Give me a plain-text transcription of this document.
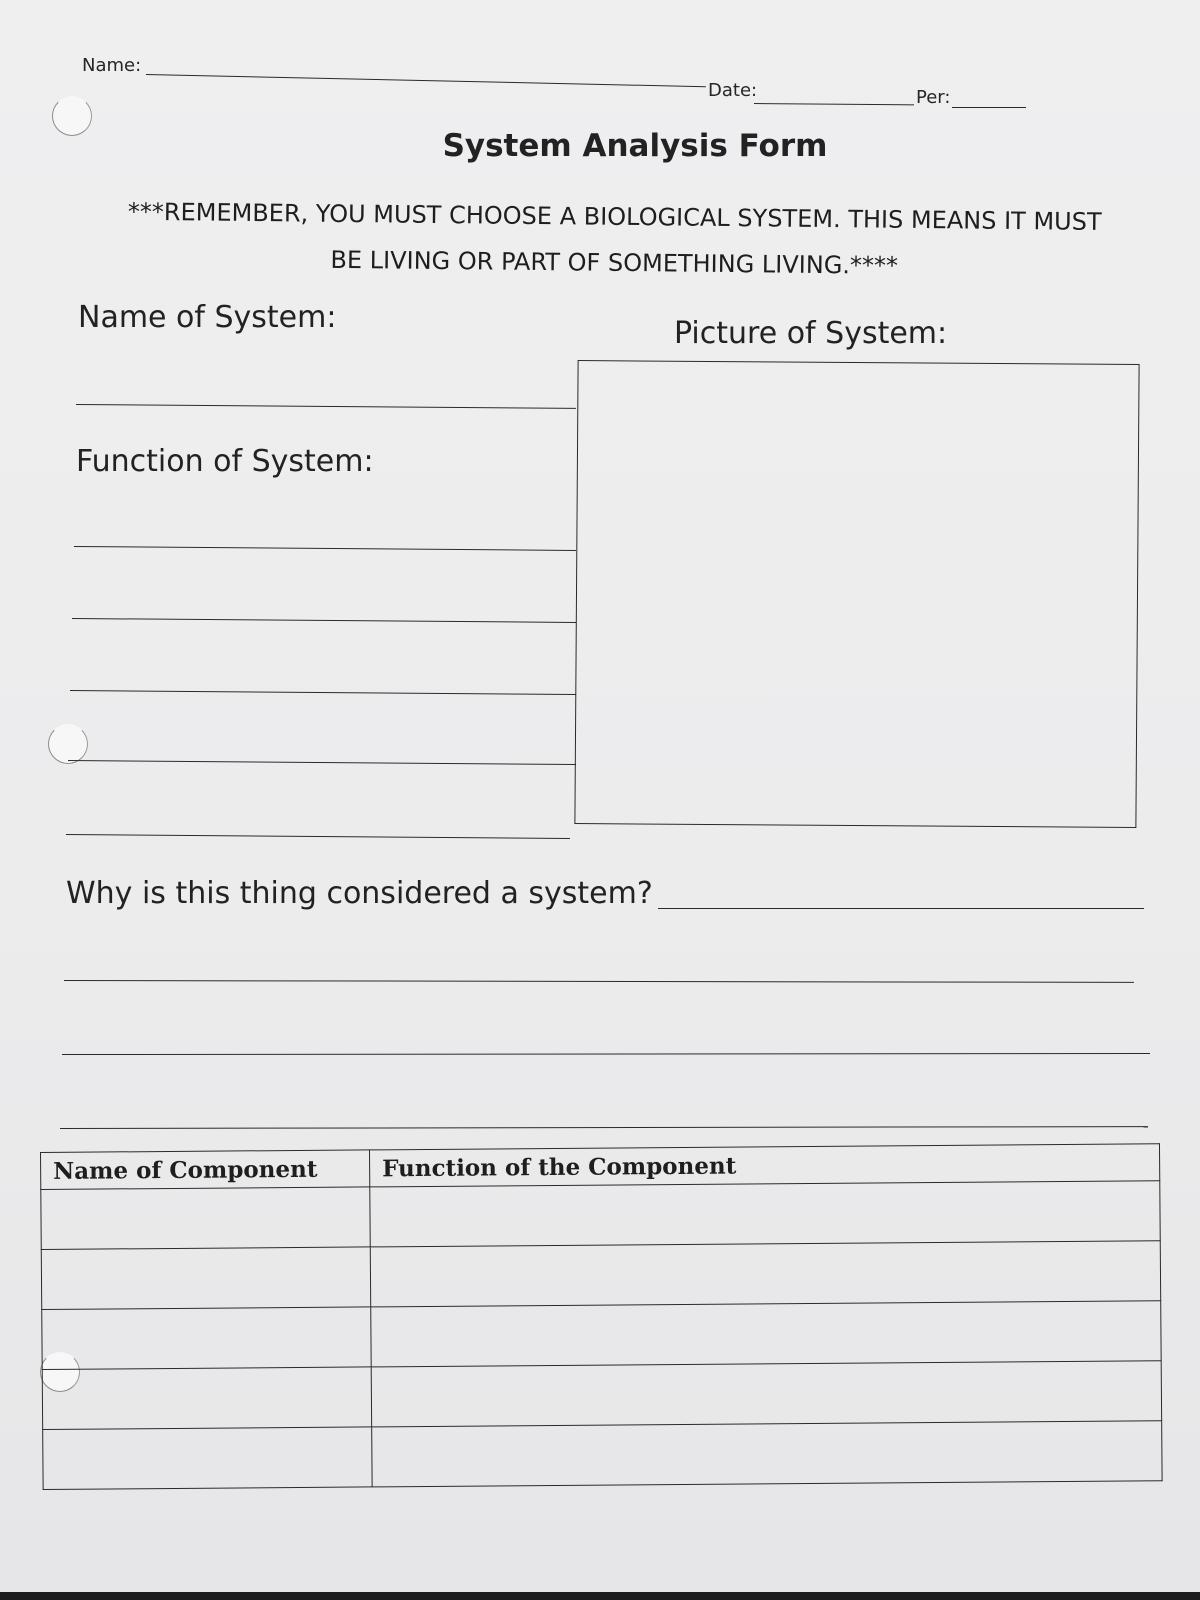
Name:
Date:	Per:
System Analysis Form
***REMEMBER, YOU MUST CHOOSE A BIOLOGICAL SYSTEM. THIS MEANS IT MUST
BE LIVING OR PART OF SOMETHING LIVING.****
Name of System:
Function of System:
Picture of System:
Why is this thing considered a system?
Name of Component	Function of the Component
